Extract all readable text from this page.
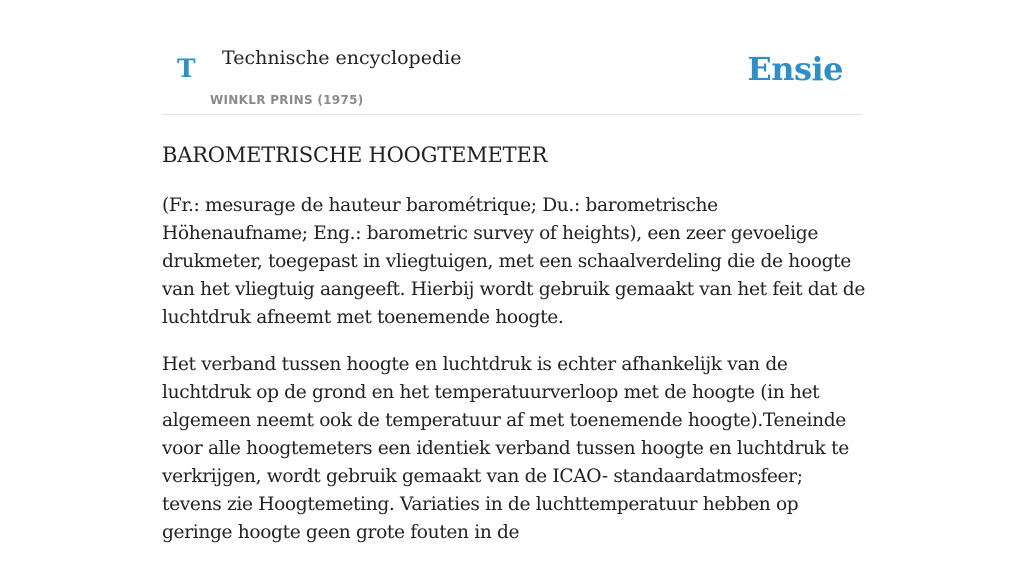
T Technische encyclopedie
WINKLR PRINS (1975)
Ensie
BAROMETRISCHE HOOGTEMETER

(Fr.: mesurage de hauteur barométrique; Du.: barometrische Höhenaufname; Eng.: barometric survey of heights), een zeer gevoelige drukmeter, toegepast in vliegtuigen, met een schaalverdeling die de hoogte van het vliegtuig aangeeft. Hierbij wordt gebruik gemaakt van het feit dat de luchtdruk afneemt met toenemende hoogte.

Het verband tussen hoogte en luchtdruk is echter afhankelijk van de luchtdruk op de grond en het temperatuurverloop met de hoogte (in het algemeen neemt ook de temperatuur af met toenemende hoogte).Teneinde voor alle hoogtemeters een identiek verband tussen hoogte en luchtdruk te verkrijgen, wordt gebruik gemaakt van de ICAO- standaardatmosfeer; tevens zie Hoogtemeting. Variaties in de luchttemperatuur hebben op geringe hoogte geen grote fouten in de
